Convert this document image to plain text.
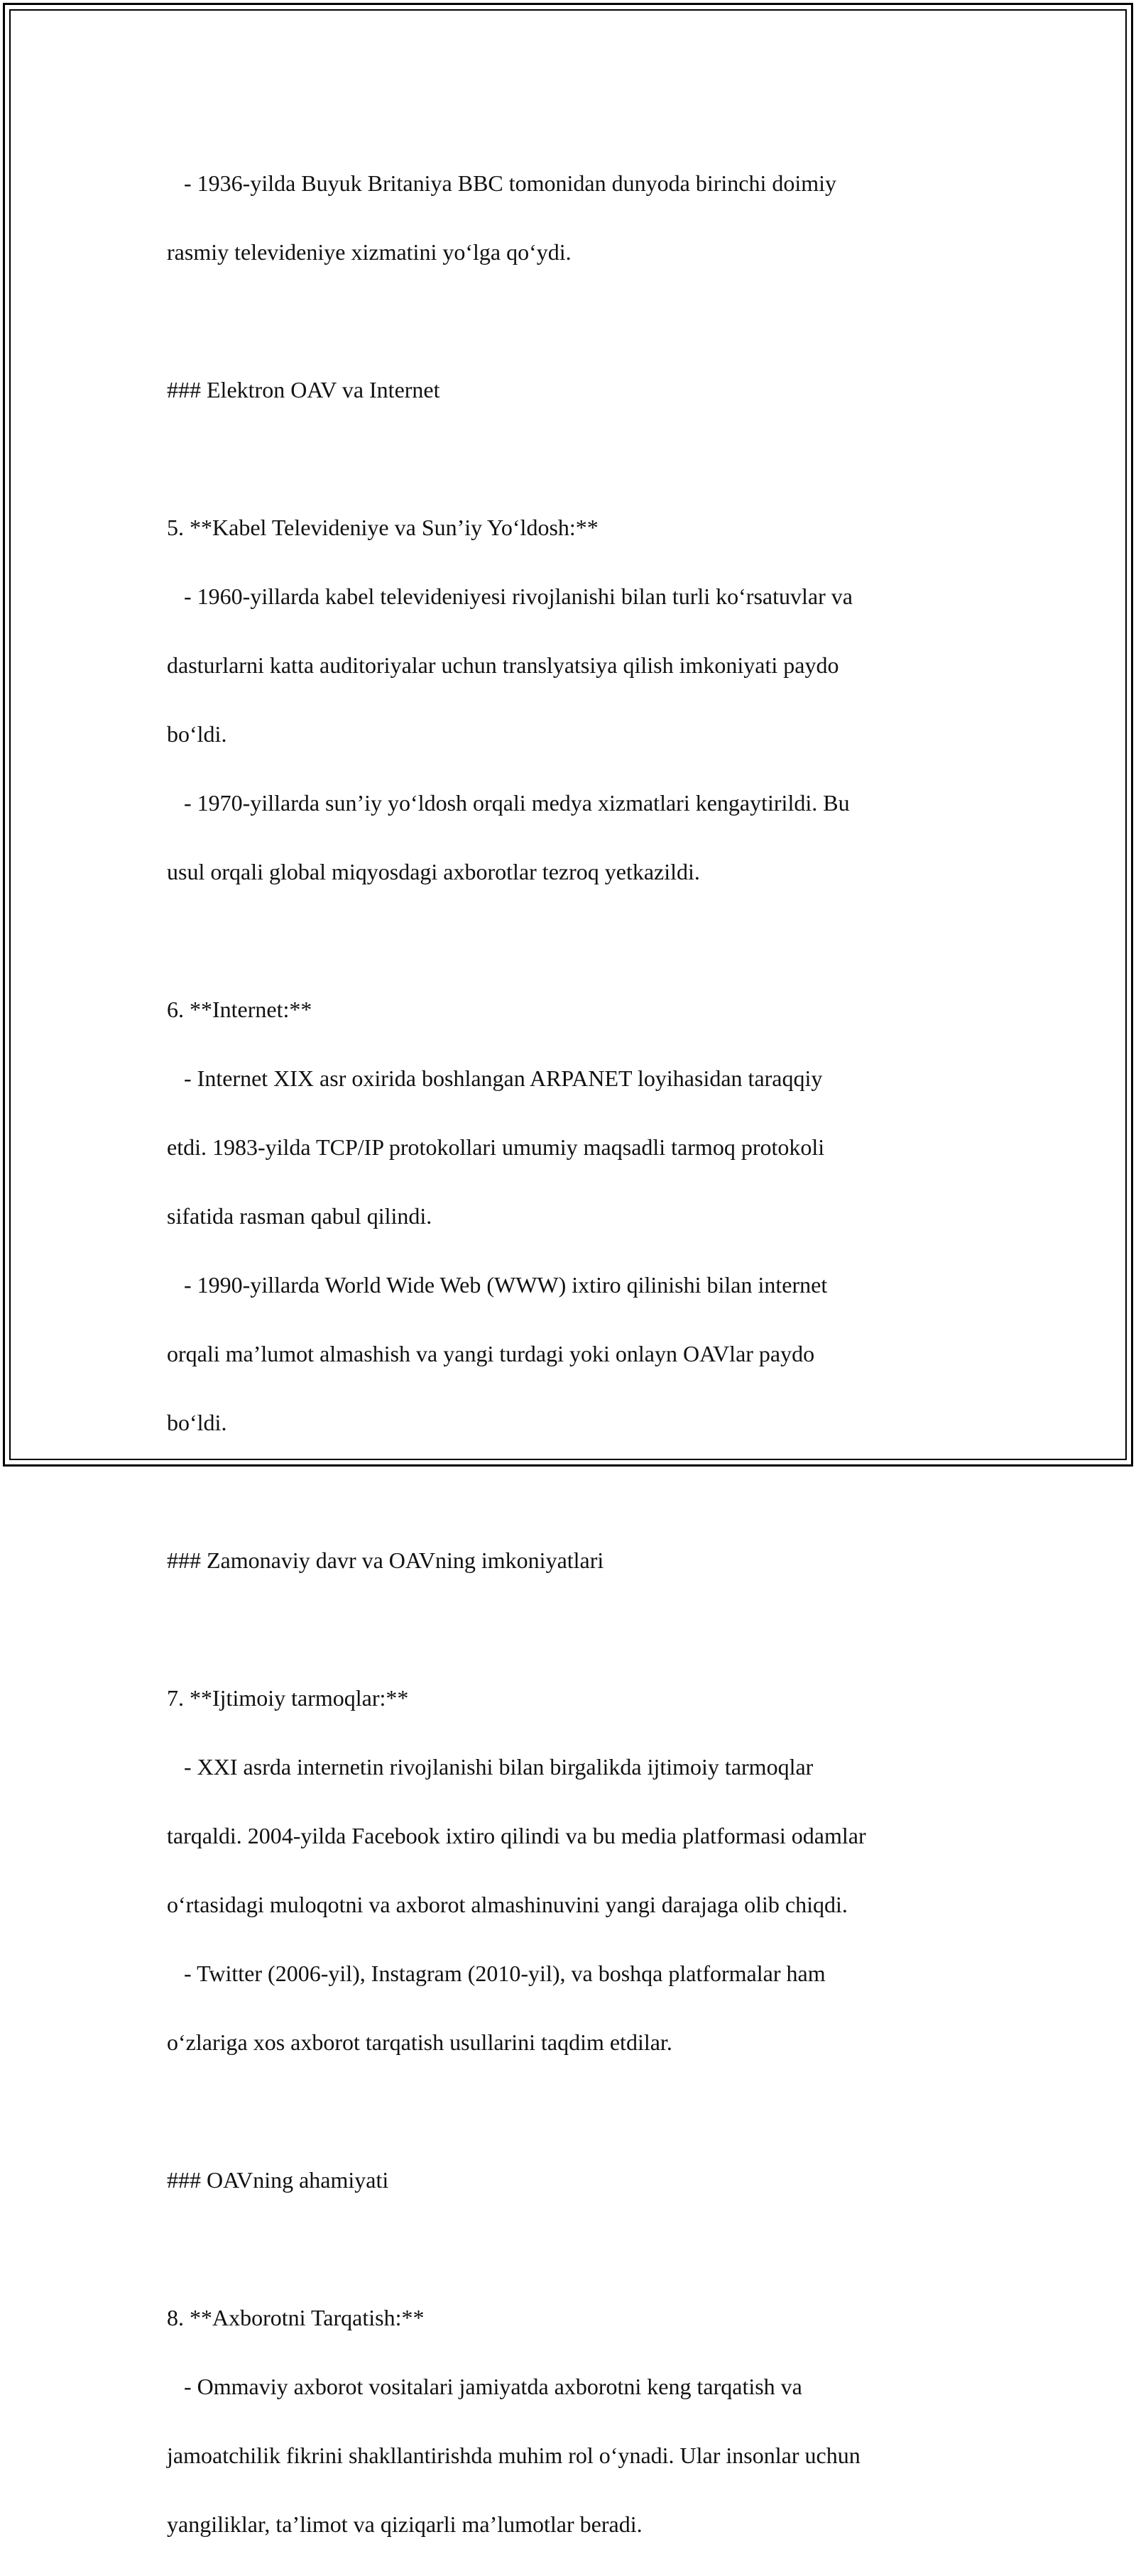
- 1936-yilda Buyuk Britaniya BBC tomonidan dunyoda birinchi doimiy

rasmiy televideniye xizmatini yo‘lga qo‘ydi.

### Elektron OAV va Internet

5. **Kabel Televideniye va Sun’iy Yo‘ldosh:**

- 1960-yillarda kabel televideniyesi rivojlanishi bilan turli ko‘rsatuvlar va

dasturlarni katta auditoriyalar uchun translyatsiya qilish imkoniyati paydo

bo‘ldi.

- 1970-yillarda sun’iy yo‘ldosh orqali medya xizmatlari kengaytirildi. Bu

usul orqali global miqyosdagi axborotlar tezroq yetkazildi.

6. **Internet:**

- Internet XIX asr oxirida boshlangan ARPANET loyihasidan taraqqiy

etdi. 1983-yilda TCP/IP protokollari umumiy maqsadli tarmoq protokoli

sifatida rasman qabul qilindi.

- 1990-yillarda World Wide Web (WWW) ixtiro qilinishi bilan internet

orqali ma’lumot almashish va yangi turdagi yoki onlayn OAVlar paydo

bo‘ldi.

### Zamonaviy davr va OAVning imkoniyatlari

7. **Ijtimoiy tarmoqlar:**

- XXI asrda internetin rivojlanishi bilan birgalikda ijtimoiy tarmoqlar

tarqaldi. 2004-yilda Facebook ixtiro qilindi va bu media platformasi odamlar

o‘rtasidagi muloqotni va axborot almashinuvini yangi darajaga olib chiqdi.

- Twitter (2006-yil), Instagram (2010-yil), va boshqa platformalar ham

o‘zlariga xos axborot tarqatish usullarini taqdim etdilar.

### OAVning ahamiyati

8. **Axborotni Tarqatish:**

- Ommaviy axborot vositalari jamiyatda axborotni keng tarqatish va

jamoatchilik fikrini shakllantirishda muhim rol o‘ynadi. Ular insonlar uchun

yangiliklar, ta’limot va qiziqarli ma’lumotlar beradi.
